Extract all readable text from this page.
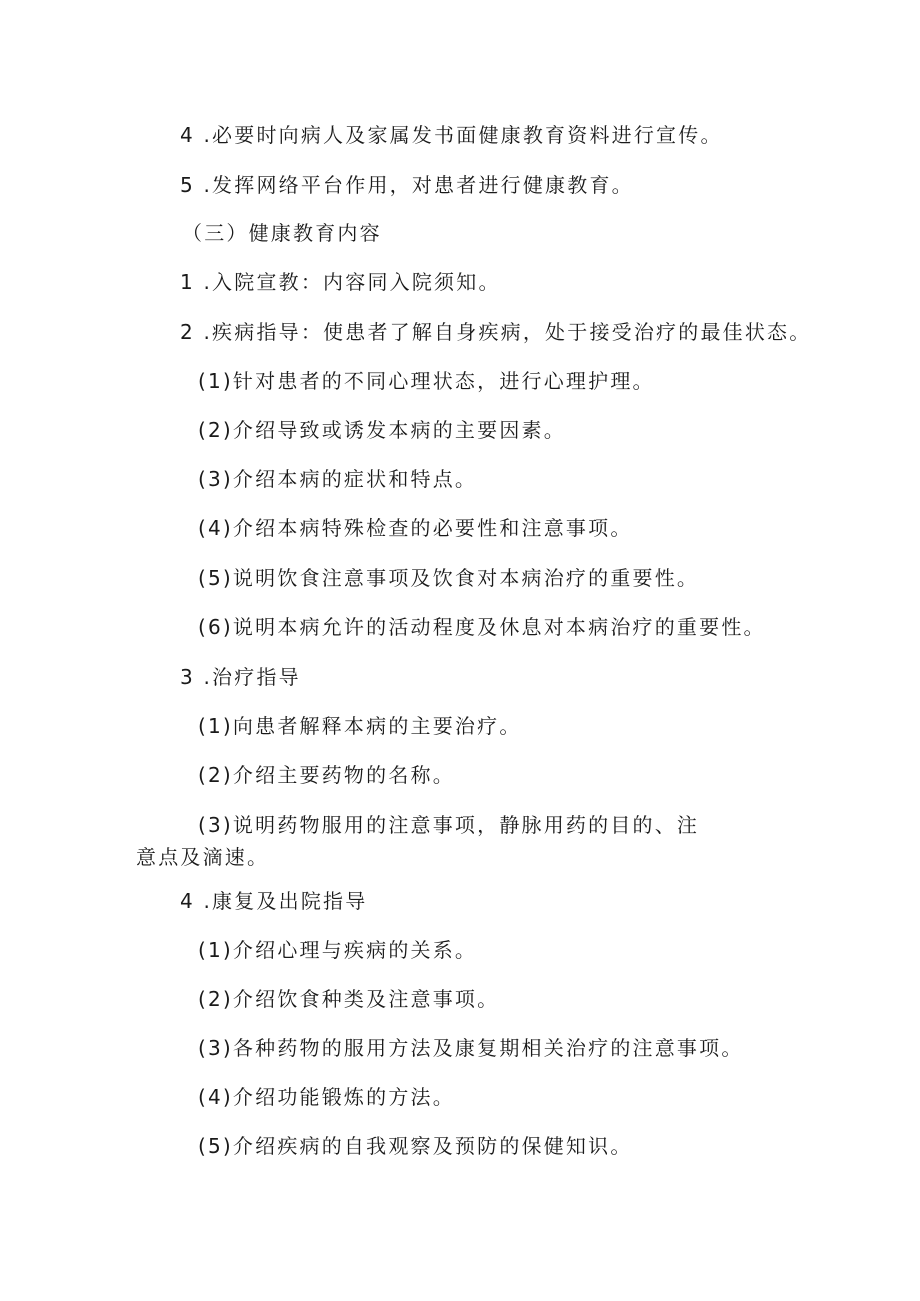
4 .必要时向病人及家属发书面健康教育资料进行宣传。
5 .发挥网络平台作用，对患者进行健康教育。
（三）健康教育内容
1 .入院宣教：内容同入院须知。
2 .疾病指导：使患者了解自身疾病，处于接受治疗的最佳状态。
(1)针对患者的不同心理状态，进行心理护理。
(2)介绍导致或诱发本病的主要因素。
(3)介绍本病的症状和特点。
(4)介绍本病特殊检查的必要性和注意事项。
(5)说明饮食注意事项及饮食对本病治疗的重要性。
(6)说明本病允许的活动程度及休息对本病治疗的重要性。
3 .治疗指导
(1)向患者解释本病的主要治疗。
(2)介绍主要药物的名称。
(3)说明药物服用的注意事项，静脉用药的目的、注
意点及滴速。
4 .康复及出院指导
(1)介绍心理与疾病的关系。
(2)介绍饮食种类及注意事项。
(3)各种药物的服用方法及康复期相关治疗的注意事项。
(4)介绍功能锻炼的方法。
(5)介绍疾病的自我观察及预防的保健知识。
